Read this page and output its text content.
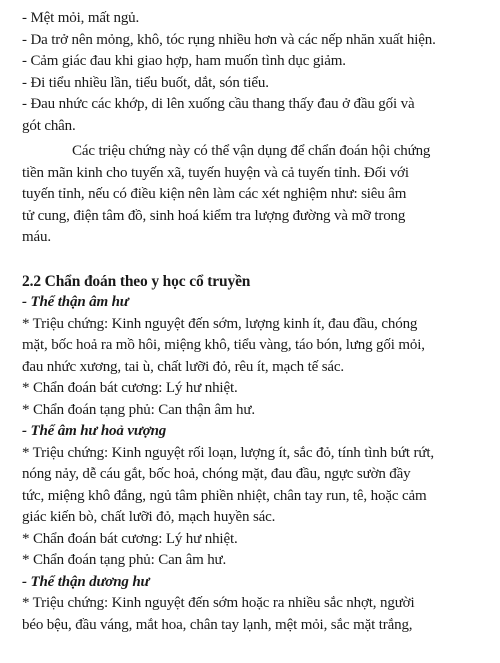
- Mệt mỏi, mất ngủ.
- Da trở nên mỏng, khô, tóc rụng nhiều hơn và các nếp nhăn xuất hiện.
- Cảm giác đau khi giao hợp, ham muốn tình dục giảm.
- Đi tiểu nhiều lần, tiểu buốt, dắt, són tiểu.
- Đau nhức các khớp, di lên xuống cầu thang thấy đau ở đầu gối và
gót chân.
Các triệu chứng này có thể vận dụng để chẩn đoán hội chứng
tiền mãn kinh cho tuyến xã, tuyến huyện và cả tuyến tỉnh. Đối với
tuyến tỉnh, nếu có điều kiện nên làm các xét nghiệm như: siêu âm
tử cung, điện tâm đồ, sinh hoá kiểm tra lượng đường và mỡ trong
máu.
2.2 Chẩn đoán theo y học cổ truyền
- Thể thận âm hư
* Triệu chứng: Kinh nguyệt đến sớm, lượng kinh ít, đau đầu, chóng
mặt, bốc hoả ra mồ hôi, miệng khô, tiểu vàng, táo bón, lưng gối mỏi,
đau nhức xương, tai ù, chất lưỡi đỏ, rêu ít, mạch tế sác.
* Chẩn đoán bát cương: Lý hư nhiệt.
* Chẩn đoán tạng phủ: Can thận âm hư.
- Thể âm hư hoả vượng
* Triệu chứng: Kinh nguyệt rối loạn, lượng ít, sắc đỏ, tính tình bứt rứt,
nóng nảy, dễ cáu gắt, bốc hoả, chóng mặt, đau đầu, ngực sườn đầy
tức, miệng khô đắng, ngủ tâm phiền nhiệt, chân tay run, tê, hoặc cảm
giác kiến bò, chất lưỡi đỏ, mạch huyền sác.
* Chẩn đoán bát cương: Lý hư nhiệt.
* Chẩn đoán tạng phủ: Can âm hư.
- Thể thận dương hư
* Triệu chứng: Kinh nguyệt đến sớm hoặc ra nhiều sắc nhợt, người
béo bệu, đầu váng, mắt hoa, chân tay lạnh, mệt mỏi, sắc mặt trắng,
